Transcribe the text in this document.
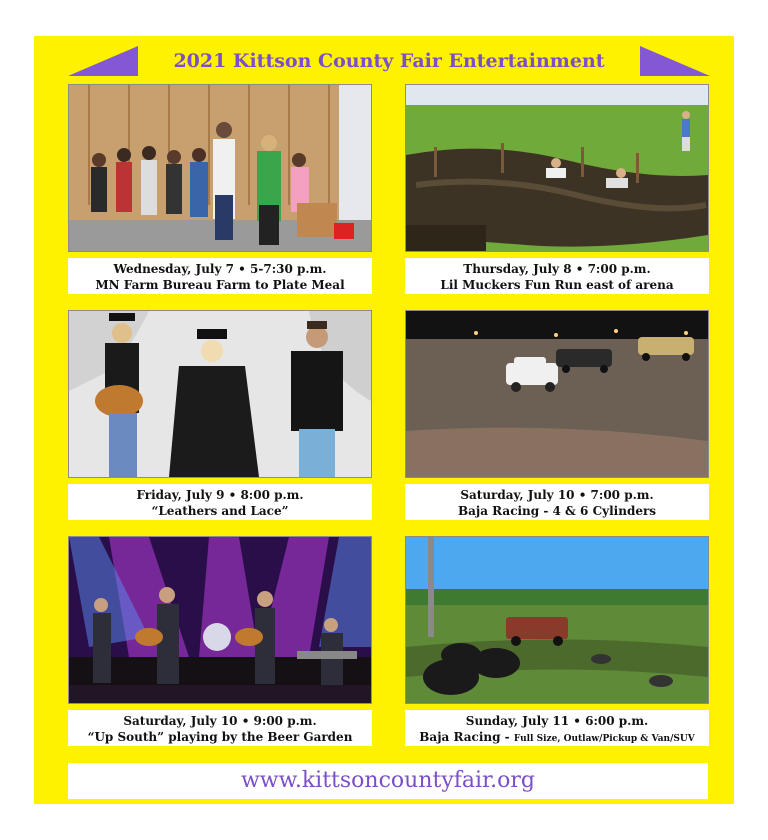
2021 Kittson County Fair Entertainment
Wednesday, July 7 • 5-7:30 p.m.
MN Farm Bureau Farm to Plate Meal
Thursday, July 8 • 7:00 p.m.
Lil Muckers Fun Run east of arena
Friday, July 9 • 8:00 p.m.
“Leathers and Lace”
Saturday, July 10 • 7:00 p.m.
Baja Racing - 4 & 6 Cylinders
Saturday, July 10 • 9:00 p.m.
“Up South” playing by the Beer Garden
Sunday, July 11 • 6:00 p.m.
Baja Racing - Full Size, Outlaw/Pickup & Van/SUV
www.kittsoncountyfair.org
